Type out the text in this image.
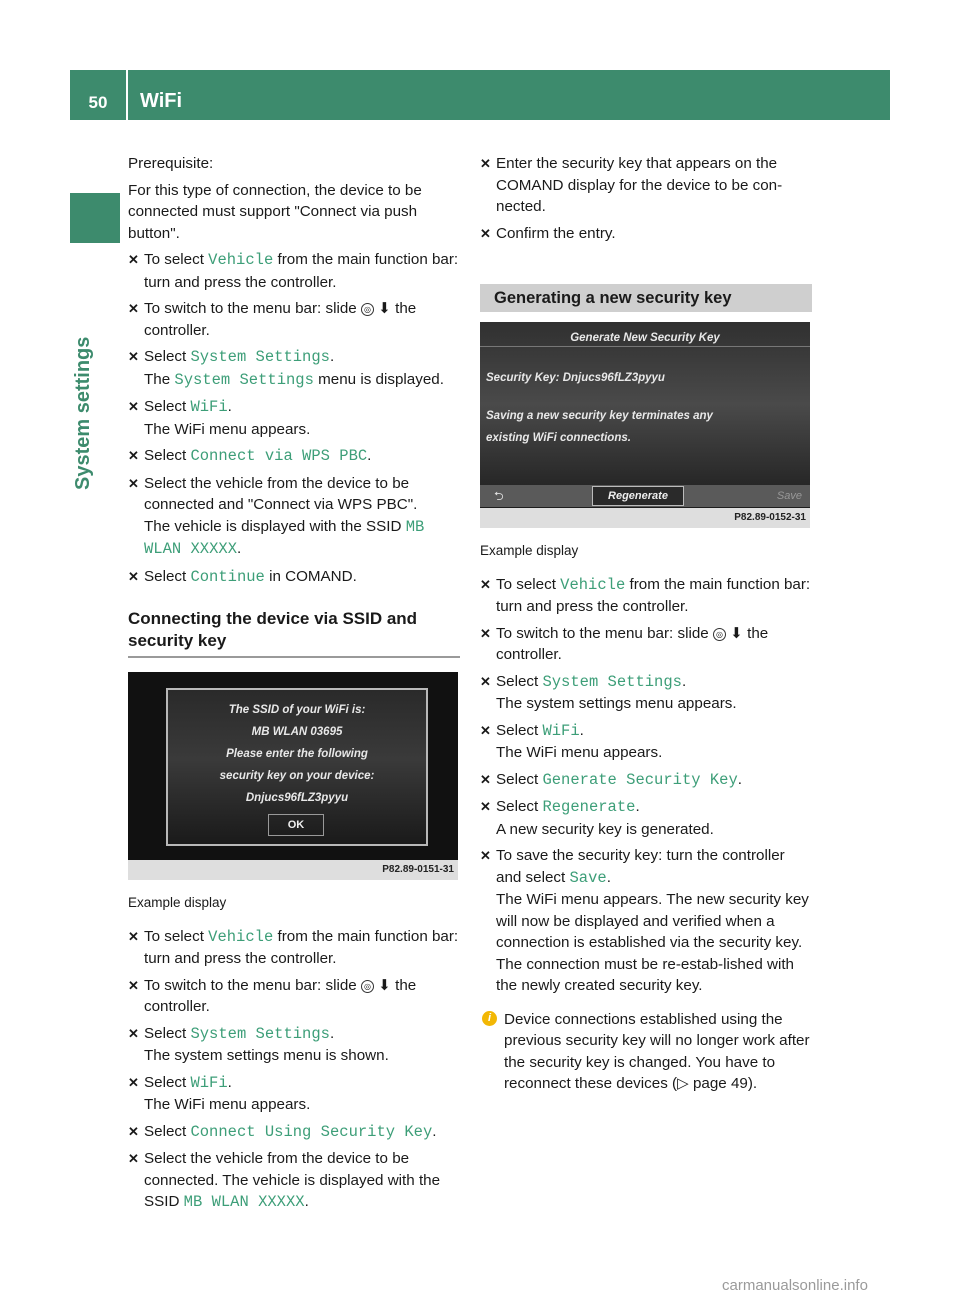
50	WiFi
System settings

Prerequisite:

For this type of connection, the device to be connected must support "Connect via push button".

✕ To select Vehicle from the main function bar: turn and press the controller.
✕ To switch to the menu bar: slide ◎ ⬇ the controller.
✕ Select System Settings.
The System Settings menu is displayed.
✕ Select WiFi.
The WiFi menu appears.
✕ Select Connect via WPS PBC.
✕ Select the vehicle from the device to be connected and "Connect via WPS PBC".
The vehicle is displayed with the SSID MB WLAN XXXXX.
✕ Select Continue in COMAND.
Connecting the device via SSID and security key
The SSID of your WiFi is:
MB WLAN 03695
Please enter the following
security key on your device:
Dnjucs96fLZ3pyyu
OK
P82.89-0151-31
Example display
✕ To select Vehicle from the main function bar: turn and press the controller.
✕ To switch to the menu bar: slide ◎ ⬇ the controller.
✕ Select System Settings.
The system settings menu is shown.
✕ Select WiFi.
The WiFi menu appears.
✕ Select Connect Using Security Key.
✕ Select the vehicle from the device to be connected. The vehicle is displayed with the SSID MB WLAN XXXXX.
✕ Enter the security key that appears on the COMAND display for the device to be con-nected.
✕ Confirm the entry.
Generating a new security key
Generate New Security Key
Security Key: Dnjucs96fLZ3pyyu
Saving a new security key terminates any
existing WiFi connections.
⮌	Regenerate	Save
P82.89-0152-31
Example display
✕ To select Vehicle from the main function bar: turn and press the controller.
✕ To switch to the menu bar: slide ◎ ⬇ the controller.
✕ Select System Settings.
The system settings menu appears.
✕ Select WiFi.
The WiFi menu appears.
✕ Select Generate Security Key.
✕ Select Regenerate.
A new security key is generated.
✕ To save the security key: turn the controller and select Save.
The WiFi menu appears. The new security key will now be displayed and verified when a connection is established via the security key. The connection must be re-estab-lished with the newly created security key.
i Device connections established using the previous security key will no longer work after the security key is changed. You have to reconnect these devices (▷ page 49).
carmanualsonline.info
